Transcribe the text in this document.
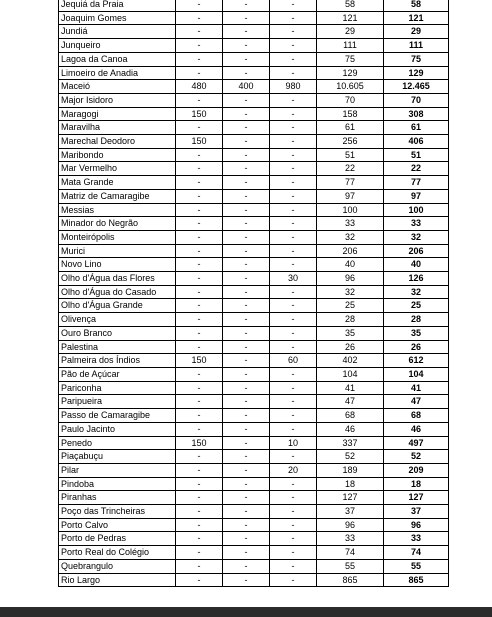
Jequiá da Praia	-	-	-	58	58
Joaquim Gomes	-	-	-	121	121
Jundiá	-	-	-	29	29
Junqueiro	-	-	-	111	111
Lagoa da Canoa	-	-	-	75	75
Limoeiro de Anadia	-	-	-	129	129
Maceió	480	400	980	10.605	12.465
Major Isidoro	-	-	-	70	70
Maragogi	150	-	-	158	308
Maravilha	-	-	-	61	61
Marechal Deodoro	150	-	-	256	406
Maribondo	-	-	-	51	51
Mar Vermelho	-	-	-	22	22
Mata Grande	-	-	-	77	77
Matriz de Camaragibe	-	-	-	97	97
Messias	-	-	-	100	100
Minador do Negrão	-	-	-	33	33
Monteirópolis	-	-	-	32	32
Murici	-	-	-	206	206
Novo Lino	-	-	-	40	40
Olho d'Água das Flores	-	-	30	96	126
Olho d'Água do Casado	-	-	-	32	32
Olho d'Água Grande	-	-	-	25	25
Olivença	-	-	-	28	28
Ouro Branco	-	-	-	35	35
Palestina	-	-	-	26	26
Palmeira dos Índios	150	-	60	402	612
Pão de Açúcar	-	-	-	104	104
Pariconha	-	-	-	41	41
Paripueira	-	-	-	47	47
Passo de Camaragibe	-	-	-	68	68
Paulo Jacinto	-	-	-	46	46
Penedo	150	-	10	337	497
Piaçabuçu	-	-	-	52	52
Pilar	-	-	20	189	209
Pindoba	-	-	-	18	18
Piranhas	-	-	-	127	127
Poço das Trincheiras	-	-	-	37	37
Porto Calvo	-	-	-	96	96
Porto de Pedras	-	-	-	33	33
Porto Real do Colégio	-	-	-	74	74
Quebrangulo	-	-	-	55	55
Rio Largo	-	-	-	865	865
